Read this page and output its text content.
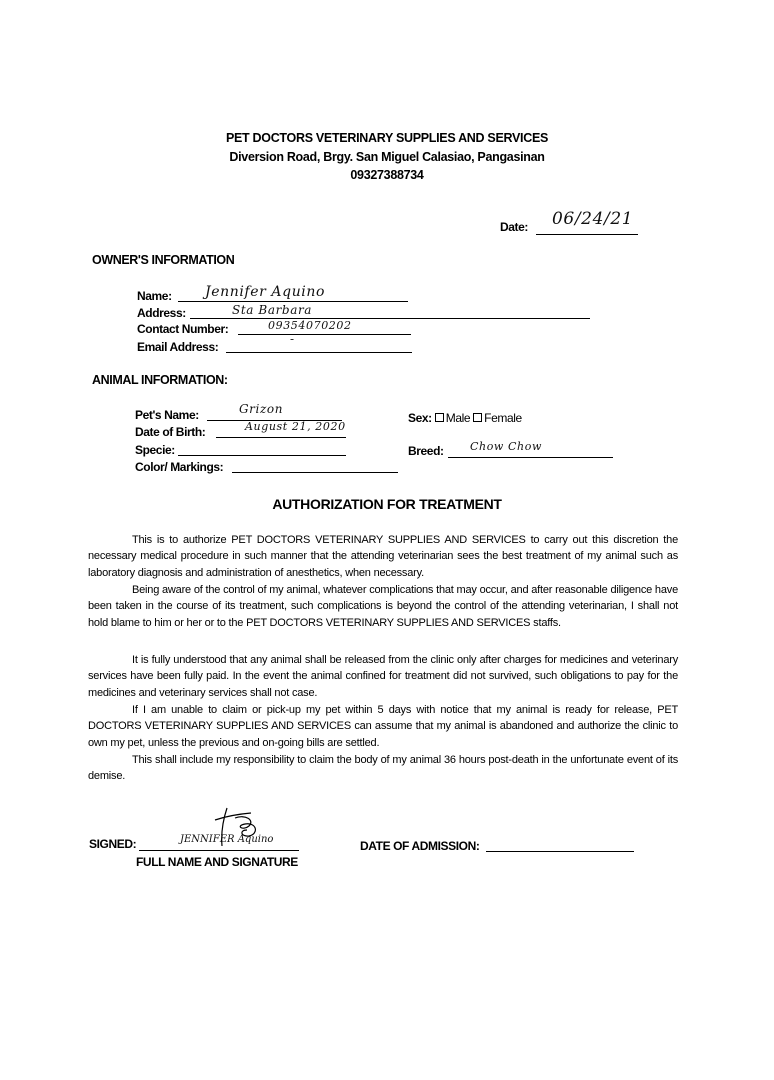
PET DOCTORS VETERINARY SUPPLIES AND SERVICES
Diversion Road, Brgy. San Miguel Calasiao, Pangasinan
09327388734
Date: 06/24/21
OWNER'S INFORMATION
Name: Jennifer Aquino
Address:	Sta Barbara
Contact Number:	09354070202
Email Address:
-
ANIMAL INFORMATION:
Pet's Name:	Grizon
Date of Birth:	August 21, 2020
Specie:
Color/ Markings:
Sex: Male Female
Breed: Chow Chow
AUTHORIZATION FOR TREATMENT

This is to authorize PET DOCTORS VETERINARY SUPPLIES AND SERVICES to carry out this discretion the necessary medical procedure in such manner that the attending veterinarian sees the best treatment of my animal such as laboratory diagnosis and administration of anesthetics, when necessary.

Being aware of the control of my animal, whatever complications that may occur, and after reasonable diligence have been taken in the course of its treatment, such complications is beyond the control of the attending veterinarian, I shall not hold blame to him or her or to the PET DOCTORS VETERINARY SUPPLIES AND SERVICES staffs.

It is fully understood that any animal shall be released from the clinic only after charges for medicines and veterinary services have been fully paid. In the event the animal confined for treatment did not survived, such obligations to pay for the medicines and veterinary services shall not case.

If I am unable to claim or pick-up my pet within 5 days with notice that my animal is ready for release, PET DOCTORS VETERINARY SUPPLIES AND SERVICES can assume that my animal is abandoned and authorize the clinic to own my pet, unless the previous and on-going bills are settled.

This shall include my responsibility to claim the body of my animal 36 hours post-death in the unfortunate event of its demise.

SIGNED:	JENNIFER Aquino
FULL NAME AND SIGNATURE
DATE OF ADMISSION:
